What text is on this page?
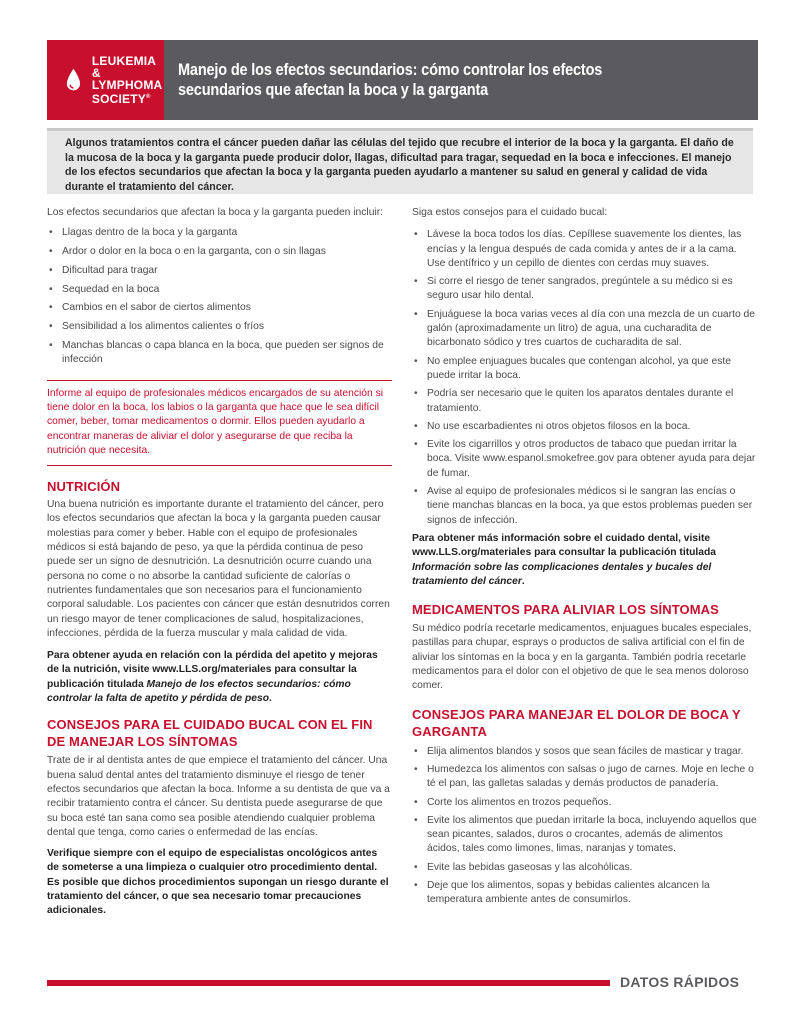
LEUKEMIA &
LYMPHOMA
SOCIETY®
Manejo de los efectos secundarios: cómo controlar los efectos secundarios que afectan la boca y la garganta

Algunos tratamientos contra el cáncer pueden dañar las células del tejido que recubre el interior de la boca y la garganta. El daño de la mucosa de la boca y la garganta puede producir dolor, llagas, dificultad para tragar, sequedad en la boca e infecciones. El manejo de los efectos secundarios que afectan la boca y la garganta pueden ayudarlo a mantener su salud en general y calidad de vida durante el tratamiento del cáncer.

Los efectos secundarios que afectan la boca y la garganta pueden incluir:

• Llagas dentro de la boca y la garganta
• Ardor o dolor en la boca o en la garganta, con o sin llagas
• Dificultad para tragar
• Sequedad en la boca
• Cambios en el sabor de ciertos alimentos
• Sensibilidad a los alimentos calientes o fríos
• Manchas blancas o capa blanca en la boca, que pueden ser signos de infección
Informe al equipo de profesionales médicos encargados de su atención si tiene dolor en la boca, los labios o la garganta que hace que le sea difícil comer, beber, tomar medicamentos o dormir. Ellos pueden ayudarlo a encontrar maneras de aliviar el dolor y asegurarse de que reciba la nutrición que necesita.
NUTRICIÓN

Una buena nutrición es importante durante el tratamiento del cáncer, pero los efectos secundarios que afectan la boca y la garganta pueden causar molestias para comer y beber. Hable con el equipo de profesionales médicos si está bajando de peso, ya que la pérdida continua de peso puede ser un signo de desnutrición. La desnutrición ocurre cuando una persona no come o no absorbe la cantidad suficiente de calorías o nutrientes fundamentales que son necesarios para el funcionamiento corporal saludable. Los pacientes con cáncer que están desnutridos corren un riesgo mayor de tener complicaciones de salud, hospitalizaciones, infecciones, pérdida de la fuerza muscular y mala calidad de vida.

Para obtener ayuda en relación con la pérdida del apetito y mejoras de la nutrición, visite www.LLS.org/materiales para consultar la publicación titulada Manejo de los efectos secundarios: cómo controlar la falta de apetito y pérdida de peso.

CONSEJOS PARA EL CUIDADO BUCAL CON EL FIN DE MANEJAR LOS SÍNTOMAS

Trate de ir al dentista antes de que empiece el tratamiento del cáncer. Una buena salud dental antes del tratamiento disminuye el riesgo de tener efectos secundarios que afectan la boca. Informe a su dentista de que va a recibir tratamiento contra el cáncer. Su dentista puede asegurarse de que su boca esté tan sana como sea posible atendiendo cualquier problema dental que tenga, como caries o enfermedad de las encías.

Verifique siempre con el equipo de especialistas oncológicos antes de someterse a una limpieza o cualquier otro procedimiento dental. Es posible que dichos procedimientos supongan un riesgo durante el tratamiento del cáncer, o que sea necesario tomar precauciones adicionales.

Siga estos consejos para el cuidado bucal:

• Lávese la boca todos los días. Cepíllese suavemente los dientes, las encías y la lengua después de cada comida y antes de ir a la cama. Use dentífrico y un cepillo de dientes con cerdas muy suaves.
• Si corre el riesgo de tener sangrados, pregúntele a su médico si es seguro usar hilo dental.
• Enjuáguese la boca varias veces al día con una mezcla de un cuarto de galón (aproximadamente un litro) de agua, una cucharadita de bicarbonato sódico y tres cuartos de cucharadita de sal.
• No emplee enjuagues bucales que contengan alcohol, ya que este puede irritar la boca.
• Podría ser necesario que le quiten los aparatos dentales durante el tratamiento.
• No use escarbadientes ni otros objetos filosos en la boca.
• Evite los cigarrillos y otros productos de tabaco que puedan irritar la boca. Visite www.espanol.smokefree.gov para obtener ayuda para dejar de fumar.
• Avise al equipo de profesionales médicos si le sangran las encías o tiene manchas blancas en la boca, ya que estos problemas pueden ser signos de infección.

Para obtener más información sobre el cuidado dental, visite www.LLS.org/materiales para consultar la publicación titulada Información sobre las complicaciones dentales y bucales del tratamiento del cáncer.

MEDICAMENTOS PARA ALIVIAR LOS SÍNTOMAS

Su médico podría recetarle medicamentos, enjuagues bucales especiales, pastillas para chupar, esprays o productos de saliva artificial con el fin de aliviar los síntomas en la boca y en la garganta. También podría recetarle medicamentos para el dolor con el objetivo de que le sea menos doloroso comer.

CONSEJOS PARA MANEJAR EL DOLOR DE BOCA Y GARGANTA
• Elija alimentos blandos y sosos que sean fáciles de masticar y tragar.
• Humedezca los alimentos con salsas o jugo de carnes. Moje en leche o té el pan, las galletas saladas y demás productos de panadería.
• Corte los alimentos en trozos pequeños.
• Evite los alimentos que puedan irritarle la boca, incluyendo aquellos que sean picantes, salados, duros o crocantes, además de alimentos ácidos, tales como limones, limas, naranjas y tomates.
• Evite las bebidas gaseosas y las alcohólicas.
• Deje que los alimentos, sopas y bebidas calientes alcancen la temperatura ambiente antes de consumirlos.
DATOS RÁPIDOS
